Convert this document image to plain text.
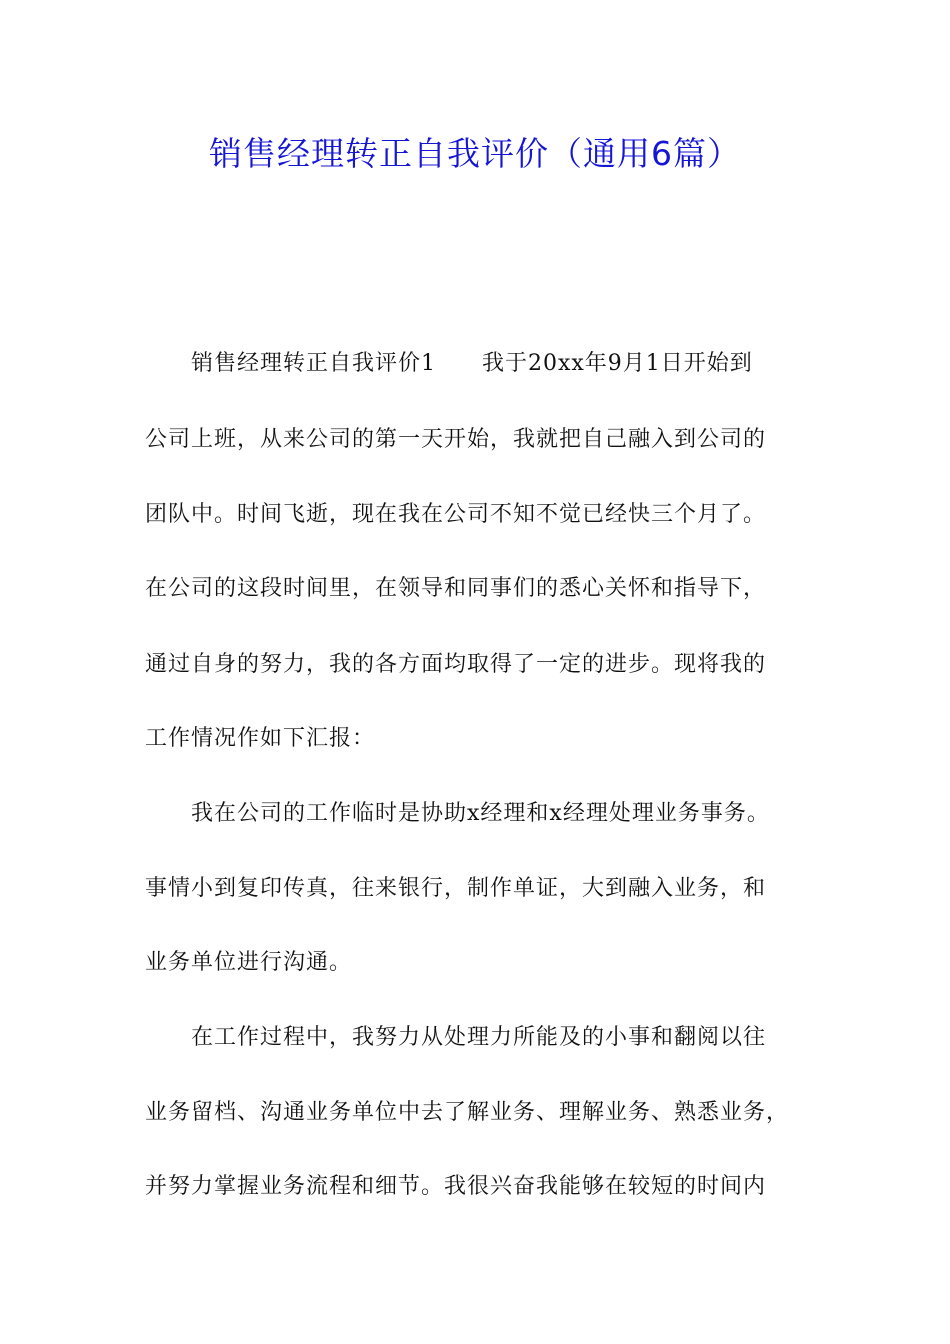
销售经理转正自我评价（通用6篇）
　　销售经理转正自我评价1　　我于20xx年9月1日开始到
公司上班，从来公司的第一天开始，我就把自己融入到公司的
团队中。时间飞逝，现在我在公司不知不觉已经快三个月了。
在公司的这段时间里，在领导和同事们的悉心关怀和指导下，
通过自身的努力，我的各方面均取得了一定的进步。现将我的
工作情况作如下汇报：
　　我在公司的工作临时是协助x经理和x经理处理业务事务。
事情小到复印传真，往来银行，制作单证，大到融入业务，和
业务单位进行沟通。
　　在工作过程中，我努力从处理力所能及的小事和翻阅以往
业务留档、沟通业务单位中去了解业务、理解业务、熟悉业务，
并努力掌握业务流程和细节。我很兴奋我能够在较短的时间内
